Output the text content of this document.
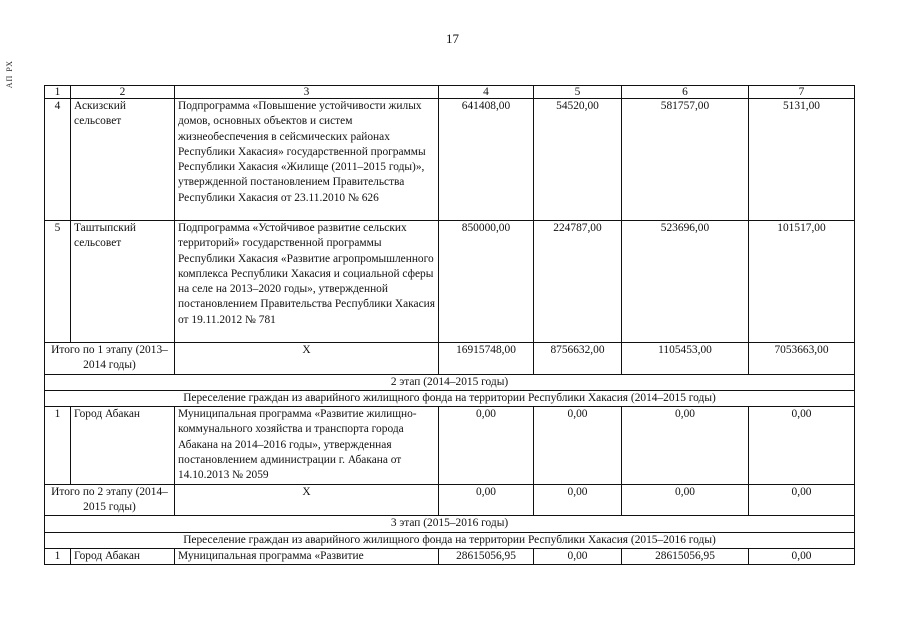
17
АП РХ
1	2	3	4	5	6	7
4	Аскизский сельсовет	Подпрограмма «Повышение устойчивости жилых домов, основных объектов и систем жизнеобеспечения в сейсмических районах Республики Хакасия» государственной программы Республики Хакасия «Жилище (2011–2015 годы)», утвержденной постановлением Правительства Республики Хакасия от 23.11.2010 № 626	641408,00	54520,00	581757,00	5131,00
5	Таштыпский сельсовет	Подпрограмма «Устойчивое развитие сельских территорий» государственной программы Республики Хакасия «Развитие агропромышленного комплекса Республики Хакасия и социальной сферы на селе на 2013–2020 годы», утвержденной постановлением Правительства Республики Хакасия от 19.11.2012 № 781	850000,00	224787,00	523696,00	101517,00
Итого по 1 этапу (2013–2014 годы)		Х	16915748,00	8756632,00	1105453,00	7053663,00
2 этап (2014–2015 годы)						
Переселение граждан из аварийного жилищного фонда на территории Республики Хакасия (2014–2015 годы)						
1	Город Абакан	Муниципальная программа «Развитие жилищно-коммунального хозяйства и транспорта города Абакана на 2014–2016 годы», утвержденная постановлением администрации г. Абакана от 14.10.2013 № 2059	0,00	0,00	0,00	0,00
Итого по 2 этапу (2014–2015 годы)		Х	0,00	0,00	0,00	0,00
3 этап (2015–2016 годы)						
Переселение граждан из аварийного жилищного фонда на территории Республики Хакасия (2015–2016 годы)						
1	Город Абакан	Муниципальная программа «Развитие	28615056,95	0,00	28615056,95	0,00
